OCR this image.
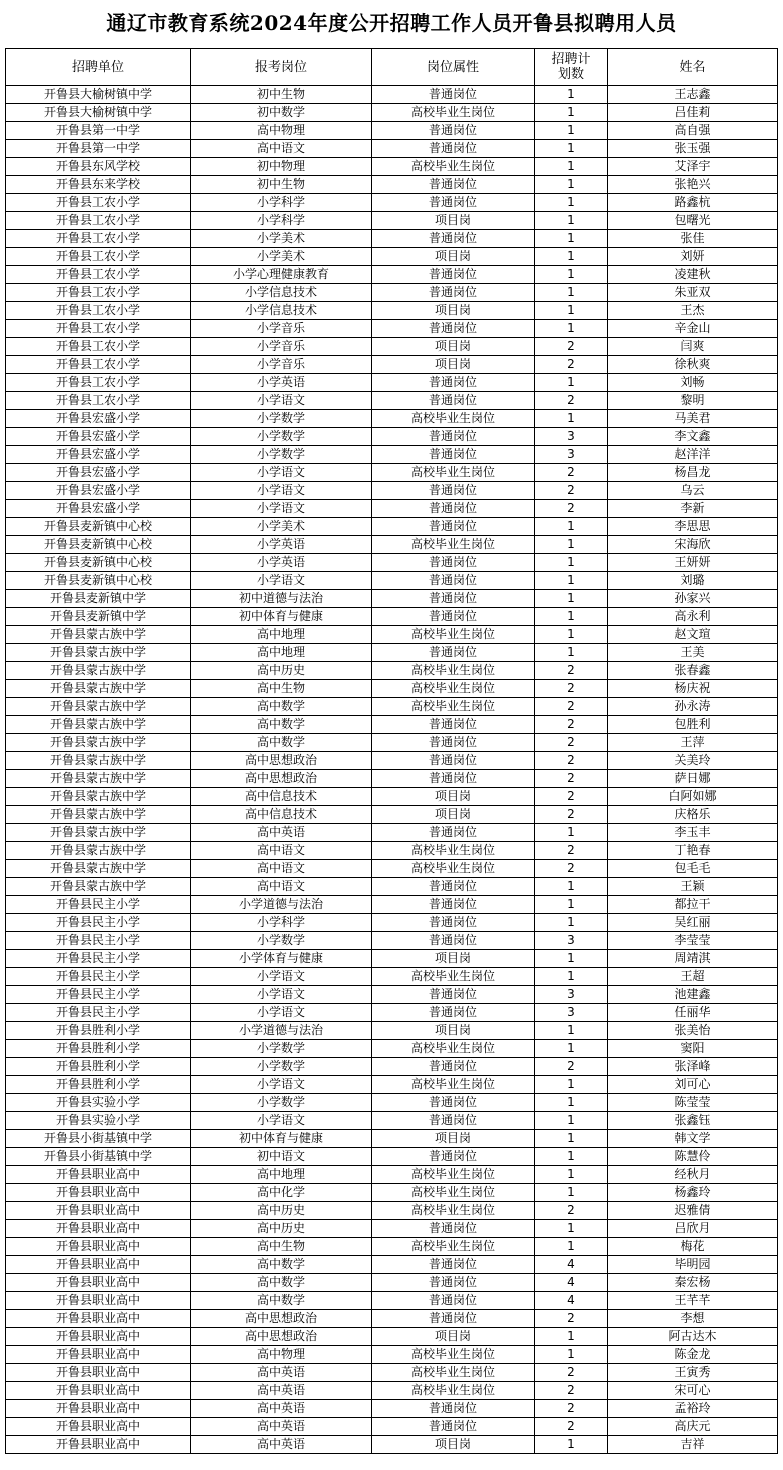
通辽市教育系统2024年度公开招聘工作人员开鲁县拟聘用人员
招聘单位	报考岗位	岗位属性	招聘计划数	姓名
开鲁县大榆树镇中学	初中生物	普通岗位	1	王志鑫
开鲁县大榆树镇中学	初中数学	高校毕业生岗位	1	吕佳莉
开鲁县第一中学	高中物理	普通岗位	1	高自强
开鲁县第一中学	高中语文	普通岗位	1	张玉强
开鲁县东风学校	初中物理	高校毕业生岗位	1	艾泽宇
开鲁县东来学校	初中生物	普通岗位	1	张艳兴
开鲁县工农小学	小学科学	普通岗位	1	路鑫杭
开鲁县工农小学	小学科学	项目岗	1	包曙光
开鲁县工农小学	小学美术	普通岗位	1	张佳
开鲁县工农小学	小学美术	项目岗	1	刘妍
开鲁县工农小学	小学心理健康教育	普通岗位	1	凌建秋
开鲁县工农小学	小学信息技术	普通岗位	1	朱亚双
开鲁县工农小学	小学信息技术	项目岗	1	王杰
开鲁县工农小学	小学音乐	普通岗位	1	辛金山
开鲁县工农小学	小学音乐	项目岗	2	闫爽
开鲁县工农小学	小学音乐	项目岗	2	徐秋爽
开鲁县工农小学	小学英语	普通岗位	1	刘畅
开鲁县工农小学	小学语文	普通岗位	2	黎明
开鲁县宏盛小学	小学数学	高校毕业生岗位	1	马美君
开鲁县宏盛小学	小学数学	普通岗位	3	李文鑫
开鲁县宏盛小学	小学数学	普通岗位	3	赵洋洋
开鲁县宏盛小学	小学语文	高校毕业生岗位	2	杨昌龙
开鲁县宏盛小学	小学语文	普通岗位	2	乌云
开鲁县宏盛小学	小学语文	普通岗位	2	李新
开鲁县麦新镇中心校	小学美术	普通岗位	1	李思思
开鲁县麦新镇中心校	小学英语	高校毕业生岗位	1	宋海欣
开鲁县麦新镇中心校	小学英语	普通岗位	1	王妍妍
开鲁县麦新镇中心校	小学语文	普通岗位	1	刘璐
开鲁县麦新镇中学	初中道德与法治	普通岗位	1	孙家兴
开鲁县麦新镇中学	初中体育与健康	普通岗位	1	高永利
开鲁县蒙古族中学	高中地理	高校毕业生岗位	1	赵文瑄
开鲁县蒙古族中学	高中地理	普通岗位	1	王美
开鲁县蒙古族中学	高中历史	高校毕业生岗位	2	张春鑫
开鲁县蒙古族中学	高中生物	高校毕业生岗位	2	杨庆祝
开鲁县蒙古族中学	高中数学	高校毕业生岗位	2	孙永涛
开鲁县蒙古族中学	高中数学	普通岗位	2	包胜利
开鲁县蒙古族中学	高中数学	普通岗位	2	王萍
开鲁县蒙古族中学	高中思想政治	普通岗位	2	关美玲
开鲁县蒙古族中学	高中思想政治	普通岗位	2	萨日娜
开鲁县蒙古族中学	高中信息技术	项目岗	2	白阿如娜
开鲁县蒙古族中学	高中信息技术	项目岗	2	庆格乐
开鲁县蒙古族中学	高中英语	普通岗位	1	李玉丰
开鲁县蒙古族中学	高中语文	高校毕业生岗位	2	丁艳春
开鲁县蒙古族中学	高中语文	高校毕业生岗位	2	包毛毛
开鲁县蒙古族中学	高中语文	普通岗位	1	王颖
开鲁县民主小学	小学道德与法治	普通岗位	1	都拉干
开鲁县民主小学	小学科学	普通岗位	1	吴红丽
开鲁县民主小学	小学数学	普通岗位	3	李莹莹
开鲁县民主小学	小学体育与健康	项目岗	1	周靖淇
开鲁县民主小学	小学语文	高校毕业生岗位	1	王超
开鲁县民主小学	小学语文	普通岗位	3	池建鑫
开鲁县民主小学	小学语文	普通岗位	3	任丽华
开鲁县胜利小学	小学道德与法治	项目岗	1	张美怡
开鲁县胜利小学	小学数学	高校毕业生岗位	1	窦阳
开鲁县胜利小学	小学数学	普通岗位	2	张泽峰
开鲁县胜利小学	小学语文	高校毕业生岗位	1	刘可心
开鲁县实验小学	小学数学	普通岗位	1	陈莹莹
开鲁县实验小学	小学语文	普通岗位	1	张鑫钰
开鲁县小街基镇中学	初中体育与健康	项目岗	1	韩文学
开鲁县小街基镇中学	初中语文	普通岗位	1	陈慧伶
开鲁县职业高中	高中地理	高校毕业生岗位	1	经秋月
开鲁县职业高中	高中化学	高校毕业生岗位	1	杨鑫玲
开鲁县职业高中	高中历史	高校毕业生岗位	2	迟雅倩
开鲁县职业高中	高中历史	普通岗位	1	吕欣月
开鲁县职业高中	高中生物	高校毕业生岗位	1	梅花
开鲁县职业高中	高中数学	普通岗位	4	毕明园
开鲁县职业高中	高中数学	普通岗位	4	秦宏杨
开鲁县职业高中	高中数学	普通岗位	4	王芊芊
开鲁县职业高中	高中思想政治	普通岗位	2	李想
开鲁县职业高中	高中思想政治	项目岗	1	阿古达木
开鲁县职业高中	高中物理	高校毕业生岗位	1	陈金龙
开鲁县职业高中	高中英语	高校毕业生岗位	2	王寅秀
开鲁县职业高中	高中英语	高校毕业生岗位	2	宋可心
开鲁县职业高中	高中英语	普通岗位	2	孟裕玲
开鲁县职业高中	高中英语	普通岗位	2	高庆元
开鲁县职业高中	高中英语	项目岗	1	吉祥
